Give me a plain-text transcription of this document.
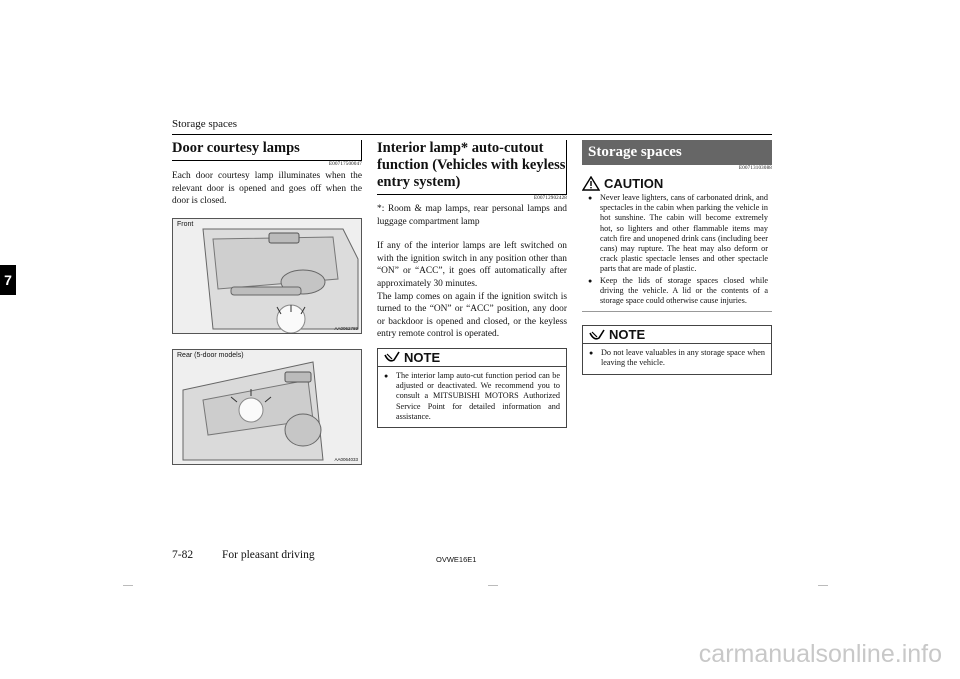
Storage spaces
7
Door courtesy lamps
E00717500047

Each door courtesy lamp illuminates when the relevant door is opened and goes off when the door is closed.

Front
AA0062789
Rear (5-door models)
AA0064033
Interior lamp* auto-cutout function (Vehicles with keyless entry system)
E00712902428

*: Room & map lamps, rear personal lamps and luggage compartment lamp

If any of the interior lamps are left switched on with the ignition switch in any position other than “ON” or “ACC”, it goes off automatically after approximately 30 minutes.

The lamp comes on again if the ignition switch is turned to the “ON” or “ACC” position, any door or backdoor is opened and closed, or the keyless entry remote control is operated.

NOTE
● The interior lamp auto-cut function period can be adjusted or deactivated. We recommend you to consult a MITSUBISHI MOTORS Authorized Service Point for detailed information and assistance.
Storage spaces
E00713103088
CAUTION
● Never leave lighters, cans of carbonated drink, and spectacles in the cabin when parking the vehicle in hot sunshine. The cabin will become extremely hot, so lighters and other flammable items may catch fire and unopened drink cans (including beer cans) may rupture. The heat may also deform or crack plastic spectacle lenses and other spectacle parts that are made of plastic.
● Keep the lids of storage spaces closed while driving the vehicle. A lid or the contents of a storage space could otherwise cause injuries.
NOTE
● Do not leave valuables in any storage space when leaving the vehicle.
7-82	For pleasant driving	OVWE16E1
carmanualsonline.info
